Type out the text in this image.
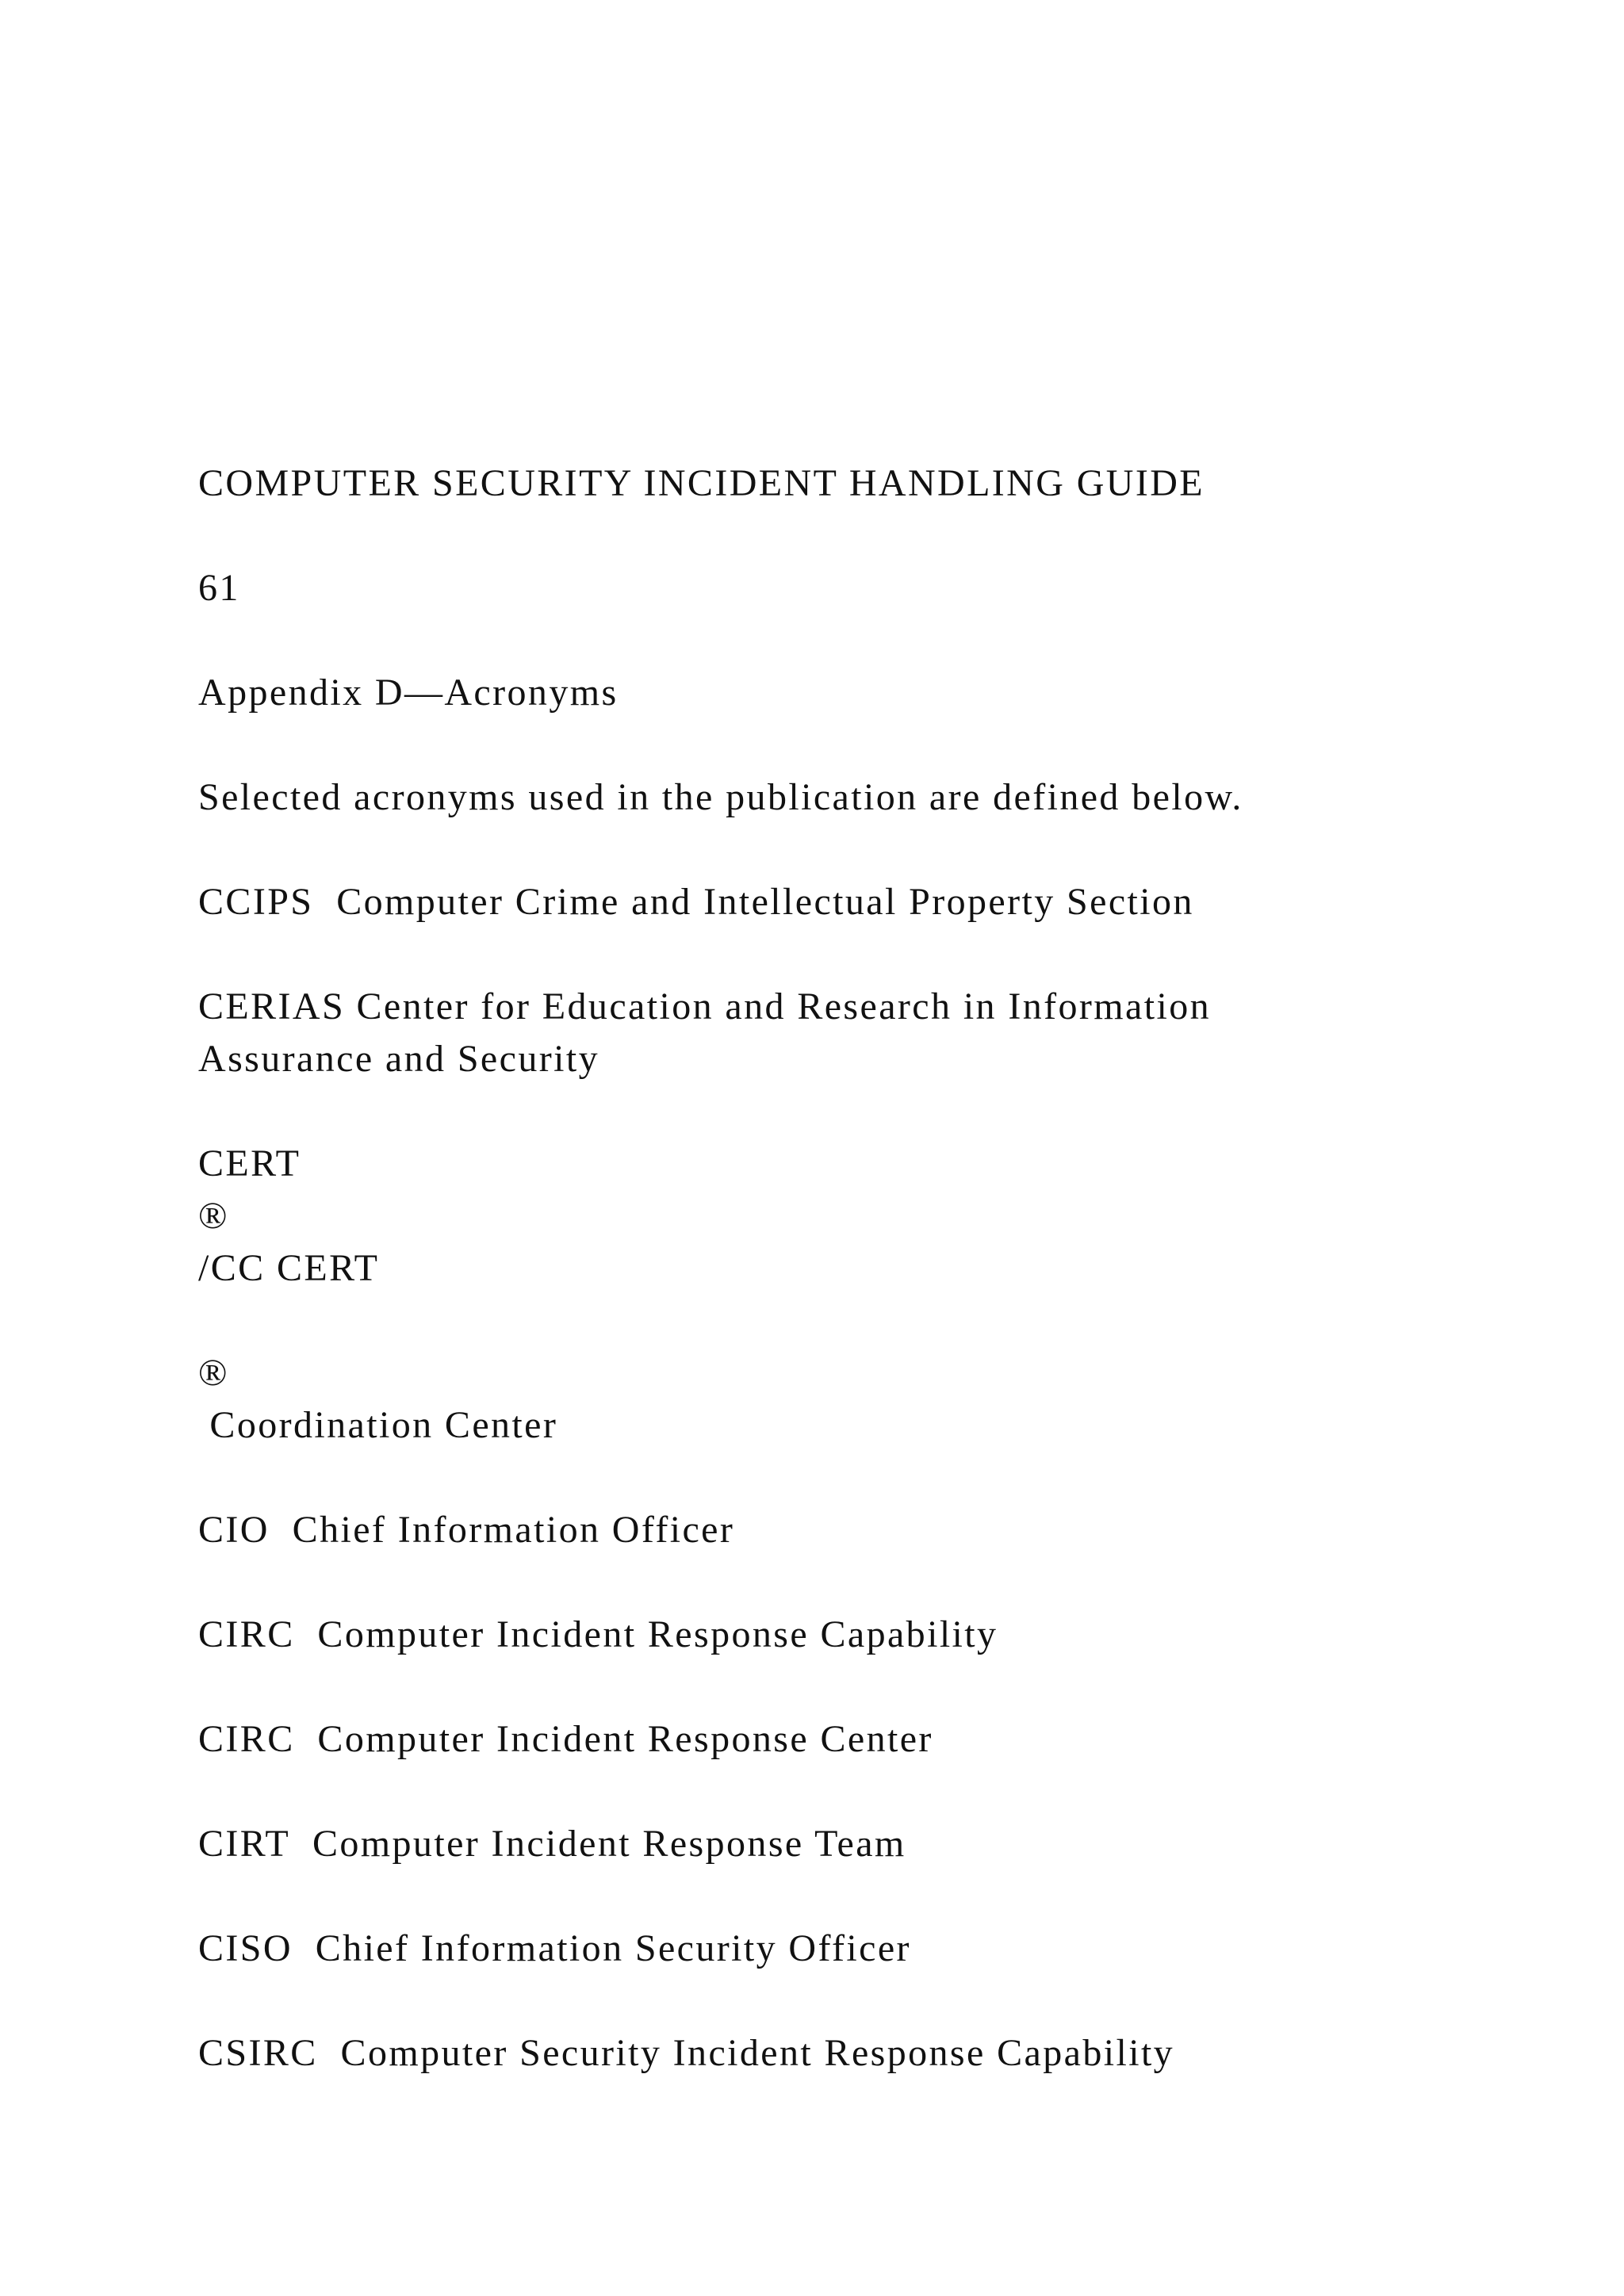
COMPUTER SECURITY INCIDENT HANDLING GUIDE

61

Appendix D—Acronyms

Selected acronyms used in the publication are defined below.

CCIPS  Computer Crime and Intellectual Property Section

CERIAS Center for Education and Research in Information

Assurance and Security

CERT

®

/CC CERT

®

Coordination Center

CIO  Chief Information Officer

CIRC  Computer Incident Response Capability

CIRC  Computer Incident Response Center

CIRT  Computer Incident Response Team

CISO  Chief Information Security Officer

CSIRC  Computer Security Incident Response Capability
